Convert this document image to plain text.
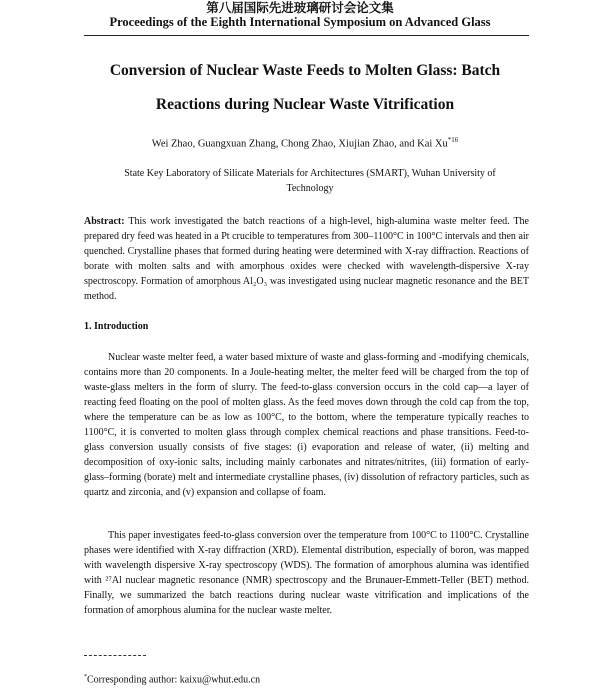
第八届国际先进玻璃研讨会论文集
Proceedings of the Eighth International Symposium on Advanced Glass
Conversion of Nuclear Waste Feeds to Molten Glass: Batch
Reactions during Nuclear Waste Vitrification
Wei Zhao, Guangxuan Zhang, Chong Zhao, Xiujian Zhao, and Kai Xu$^{*16}$
State Key Laboratory of Silicate Materials for Architectures (SMART), Wuhan University of Technology

Abstract: This work investigated the batch reactions of a high-level, high-alumina waste melter feed. The prepared dry feed was heated in a Pt crucible to temperatures from 300–1100°C in 100°C intervals and then air quenched. Crystalline phases that formed during heating were determined with X-ray diffraction. Reactions of borate with molten salts and with amorphous oxides were checked with wavelength-dispersive X-ray spectroscopy. Formation of amorphous Al₂O₃ was investigated using nuclear magnetic resonance and the BET method.

1. Introduction

Nuclear waste melter feed, a water based mixture of waste and glass-forming and -modifying chemicals, contains more than 20 components. In a Joule-heating melter, the melter feed will be charged from the top of waste-glass melters in the form of slurry. The feed-to-glass conversion occurs in the cold cap—a layer of reacting feed floating on the pool of molten glass. As the feed moves down through the cold cap from the top, where the temperature can be as low as 100°C, to the bottom, where the temperature typically reaches to 1100°C, it is converted to molten glass through complex chemical reactions and phase transitions. Feed-to-glass conversion usually consists of five stages: (i) evaporation and release of water, (ii) melting and decomposition of oxy-ionic salts, including mainly carbonates and nitrates/nitrites, (iii) formation of early-glass–forming (borate) melt and intermediate crystalline phases, (iv) dissolution of refractory particles, such as quartz and zirconia, and (v) expansion and collapse of foam.

This paper investigates feed-to-glass conversion over the temperature from 100°C to 1100°C. Crystalline phases were identified with X-ray diffraction (XRD). Elemental distribution, especially of boron, was mapped with wavelength dispersive X-ray spectroscopy (WDS). The formation of amorphous alumina was identified with ²⁷Al nuclear magnetic resonance (NMR) spectroscopy and the Brunauer-Emmett-Teller (BET) method. Finally, we summarized the batch reactions during nuclear waste vitrification and implications of the formation of amorphous alumina for the nuclear waste melter.

*Corresponding author: kaixu@whut.edu.cn
